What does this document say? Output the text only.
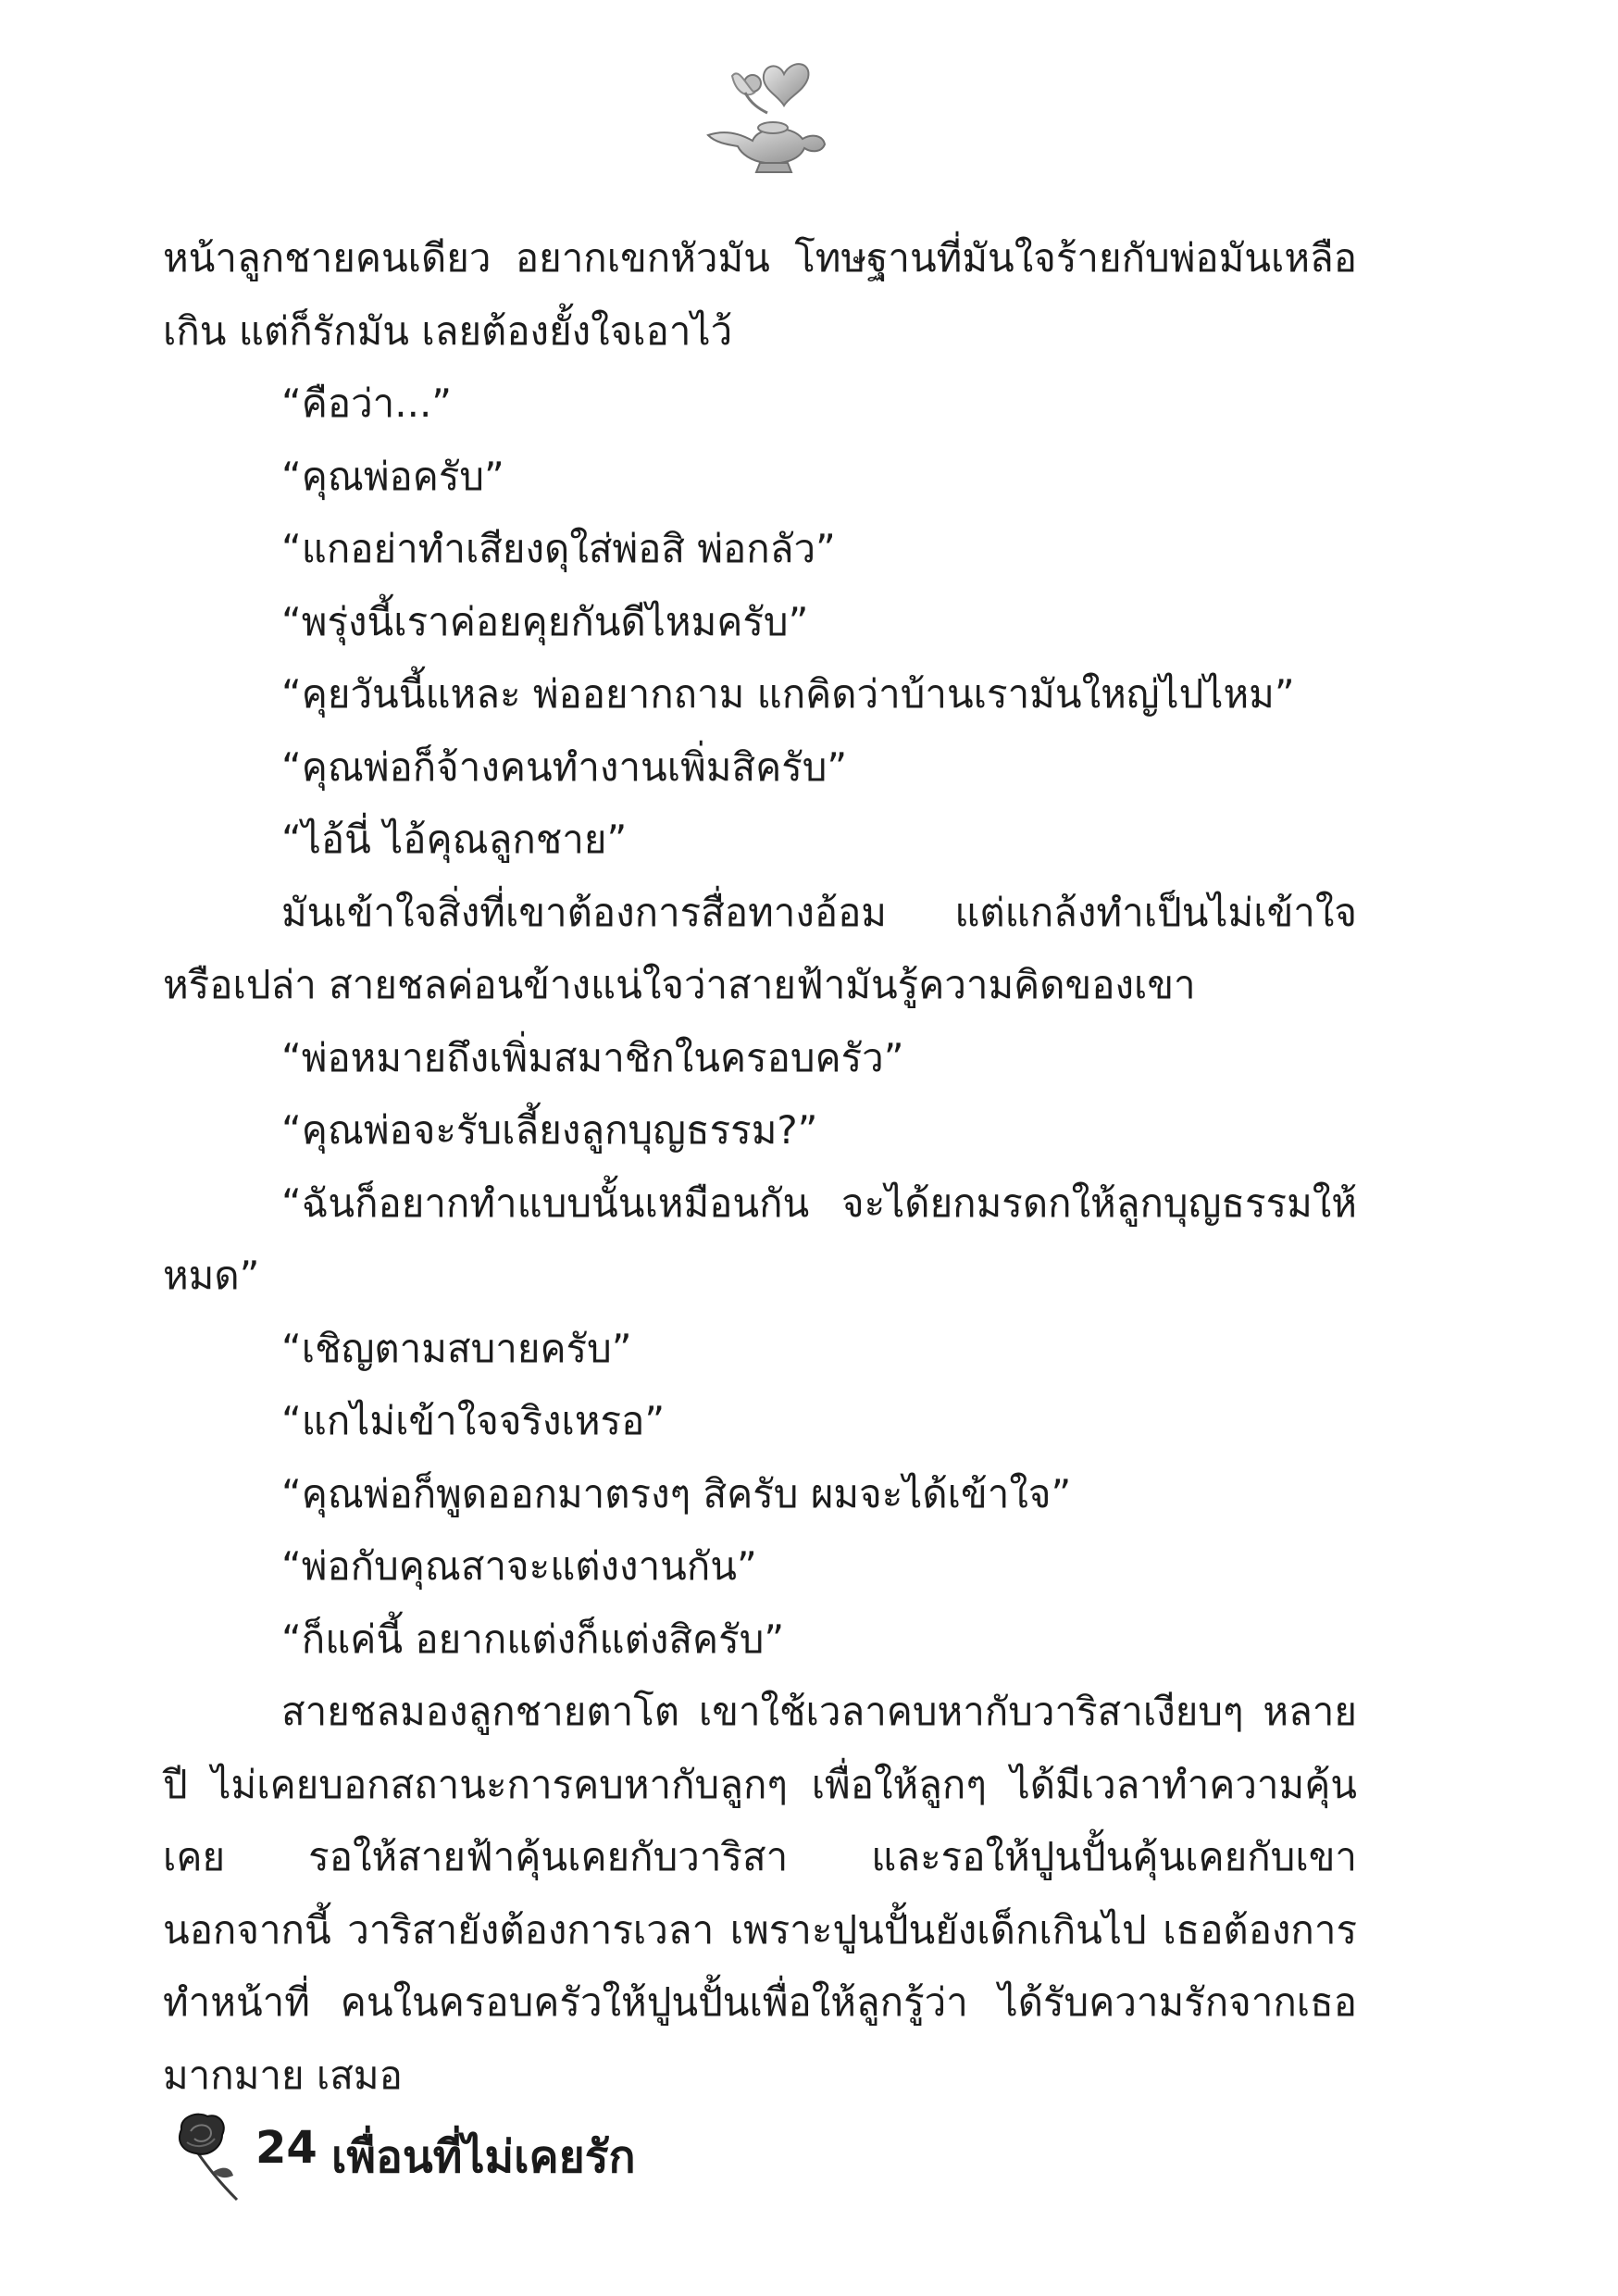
หน้าลูกชายคนเดียว อยากเขกหัวมัน โทษฐานที่มันใจร้ายกับพ่อมันเหลือเกิน แต่ก็รักมัน เลยต้องยั้งใจเอาไว้

“คือว่า...”

“คุณพ่อครับ”

“แกอย่าทำเสียงดุใส่พ่อสิ พ่อกลัว”

“พรุ่งนี้เราค่อยคุยกันดีไหมครับ”

“คุยวันนี้แหละ พ่ออยากถาม แกคิดว่าบ้านเรามันใหญ่ไปไหม”

“คุณพ่อก็จ้างคนทำงานเพิ่มสิครับ”

“ไอ้นี่ ไอ้คุณลูกชาย”

มันเข้าใจสิ่งที่เขาต้องการสื่อทางอ้อม แต่แกล้งทำเป็นไม่เข้าใจหรือเปล่า สายชลค่อนข้างแน่ใจว่าสายฟ้ามันรู้ความคิดของเขา

“พ่อหมายถึงเพิ่มสมาชิกในครอบครัว”

“คุณพ่อจะรับเลี้ยงลูกบุญธรรม?”

“ฉันก็อยากทำแบบนั้นเหมือนกัน จะได้ยกมรดกให้ลูกบุญธรรมให้หมด”

“เชิญตามสบายครับ”

“แกไม่เข้าใจจริงเหรอ”

“คุณพ่อก็พูดออกมาตรงๆ สิครับ ผมจะได้เข้าใจ”

“พ่อกับคุณสาจะแต่งงานกัน”

“ก็แค่นี้ อยากแต่งก็แต่งสิครับ”

สายชลมองลูกชายตาโต เขาใช้เวลาคบหากับวาริสาเงียบๆ หลายปี ไม่เคยบอกสถานะการคบหากับลูกๆ เพื่อให้ลูกๆ ได้มีเวลาทำความคุ้นเคย รอให้สายฟ้าคุ้นเคยกับวาริสา และรอให้ปูนปั้นคุ้นเคยกับเขา นอกจากนี้ วาริสายังต้องการเวลา เพราะปูนปั้นยังเด็กเกินไป เธอต้องการทำหน้าที่ คนในครอบครัวให้ปูนปั้นเพื่อให้ลูกรู้ว่า ได้รับความรักจากเธอมากมาย เสมอ

24 เพื่อนที่ไม่เคยรัก
